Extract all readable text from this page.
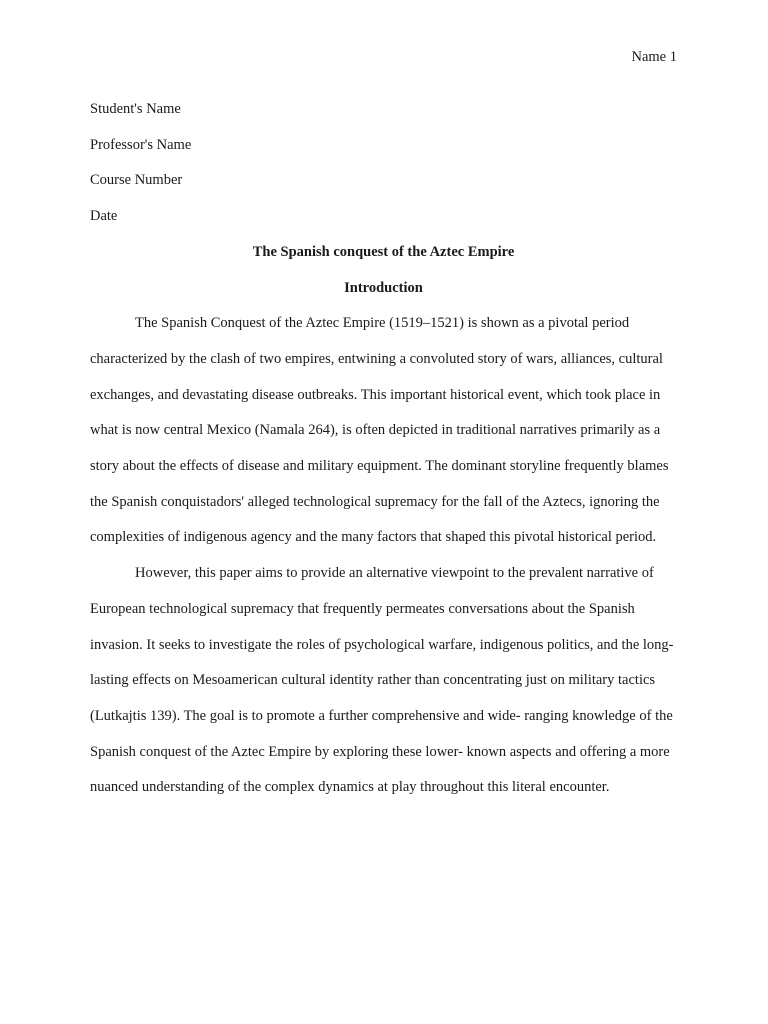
Name 1

Student's Name

Professor's Name

Course Number

Date

The Spanish conquest of the Aztec Empire

Introduction

The Spanish Conquest of the Aztec Empire (1519–1521) is shown as a pivotal period characterized by the clash of two empires, entwining a convoluted story of wars, alliances, cultural exchanges, and devastating disease outbreaks. This important historical event, which took place in what is now central Mexico (Namala 264), is often depicted in traditional narratives primarily as a story about the effects of disease and military equipment. The dominant storyline frequently blames the Spanish conquistadors' alleged technological supremacy for the fall of the Aztecs, ignoring the complexities of indigenous agency and the many factors that shaped this pivotal historical period.

However, this paper aims to provide an alternative viewpoint to the prevalent narrative of European technological supremacy that frequently permeates conversations about the Spanish invasion. It seeks to investigate the roles of psychological warfare, indigenous politics, and the long-lasting effects on Mesoamerican cultural identity rather than concentrating just on military tactics (Lutkajtis 139). The goal is to promote a further comprehensive and wide- ranging knowledge of the Spanish conquest of the Aztec Empire by exploring these lower- known aspects and offering a more nuanced understanding of the complex dynamics at play throughout this literal encounter.
